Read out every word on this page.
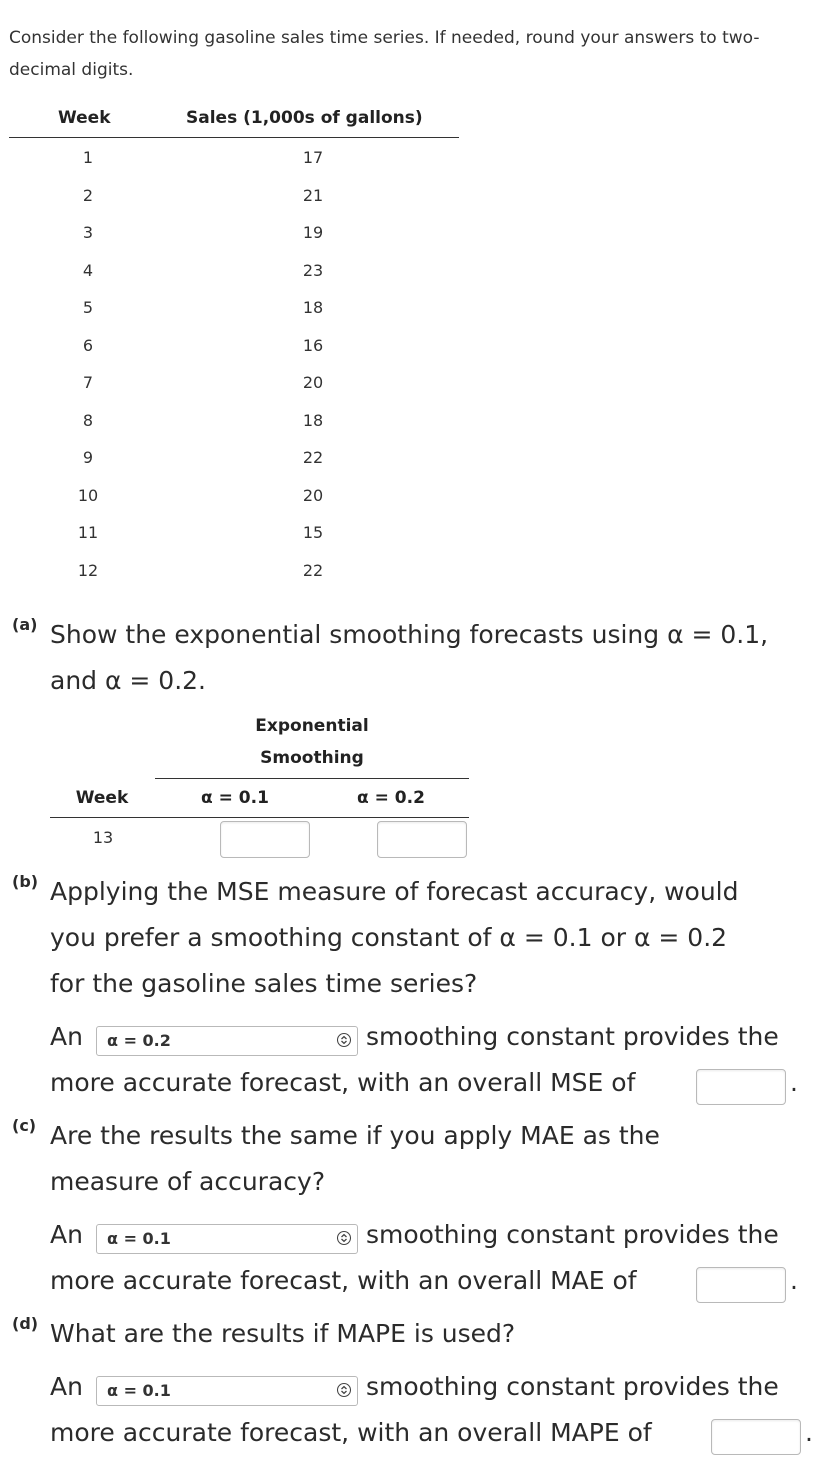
Consider the following gasoline sales time series. If needed, round your answers to two-decimal digits.
Week	Sales (1,000s of gallons)
1	17
2	21
3	19
4	23
5	18
6	16
7	20
8	18
9	22
10	20
11	15
12	22
(a) Show the exponential smoothing forecasts using α = 0.1,
and α = 0.2.
Exponential
Smoothing
Week	α = 0.1	α = 0.2
13
(b) Applying the MSE measure of forecast accuracy, would
you prefer a smoothing constant of α = 0.1 or α = 0.2
for the gasoline sales time series?
An α = 0.2	smoothing constant provides the
more accurate forecast, with an overall MSE of	.
(c) Are the results the same if you apply MAE as the
measure of accuracy?
An α = 0.1	smoothing constant provides the
more accurate forecast, with an overall MAE of	.
(d) What are the results if MAPE is used?
An α = 0.1	smoothing constant provides the
more accurate forecast, with an overall MAPE of	.
